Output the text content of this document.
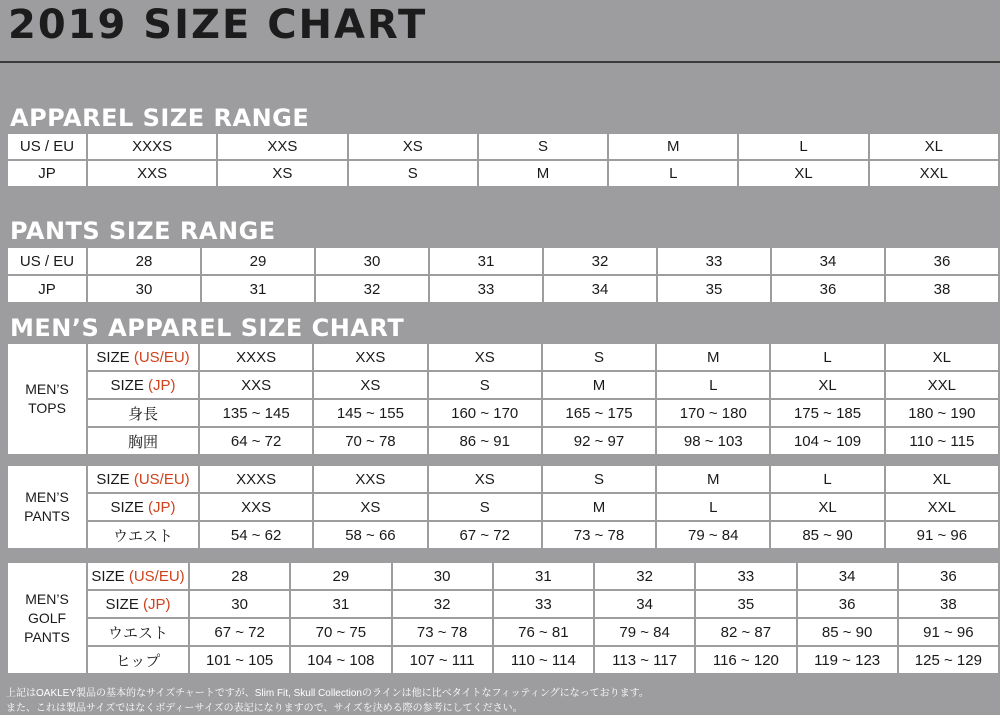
2019 SIZE CHART
APPAREL SIZE RANGE
US / EU	XXXS	XXS	XS	S	M	L	XL
JP	XXS	XS	S	M	L	XL	XXL
PANTS SIZE RANGE
US / EU	28	29	30	31	32	33	34	36
JP	30	31	32	33	34	35	36	38
MEN’S APPAREL SIZE CHART
MEN’S TOPS	SIZE (US/EU)	XXXS	XXS	XS	S	M	L	XL
	SIZE (JP)	XXS	XS	S	M	L	XL	XXL
	身長	135 ~ 145	145 ~ 155	160 ~ 170	165 ~ 175	170 ~ 180	175 ~ 185	180 ~ 190
	胸囲	64 ~ 72	70 ~ 78	86 ~ 91	92 ~ 97	98 ~ 103	104 ~ 109	110 ~ 115
MEN’S PANTS	SIZE (US/EU)	XXXS	XXS	XS	S	M	L	XL
	SIZE (JP)	XXS	XS	S	M	L	XL	XXL
	ウエスト	54 ~ 62	58 ~ 66	67 ~ 72	73 ~ 78	79 ~ 84	85 ~ 90	91 ~ 96
MEN’S GOLF PANTS	SIZE (US/EU)	28	29	30	31	32	33	34	36
	SIZE (JP)	30	31	32	33	34	35	36	38
	ウエスト	67 ~ 72	70 ~ 75	73 ~ 78	76 ~ 81	79 ~ 84	82 ~ 87	85 ~ 90	91 ~ 96
	ヒップ	101 ~ 105	104 ~ 108	107 ~ 111	110 ~ 114	113 ~ 117	116 ~ 120	119 ~ 123	125 ~ 129
上記はOAKLEY製品の基本的なサイズチャートですが、Slim Fit, Skull Collectionのラインは他に比べタイトなフィッティングになっております。
また、これは製品サイズではなくボディーサイズの表記になりますので、サイズを決める際の参考にしてください。
